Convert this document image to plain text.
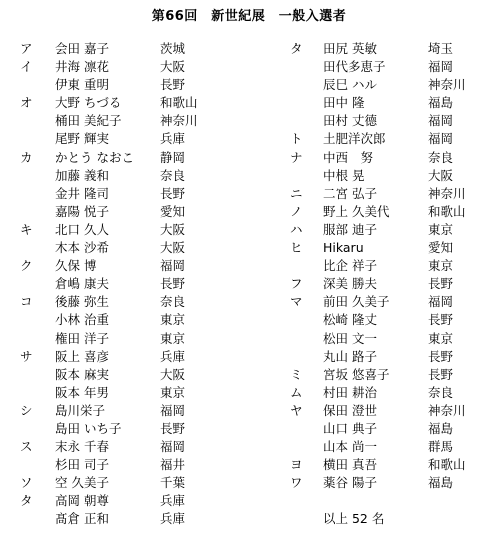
第66回　新世紀展　一般入選者
ア 会田 嘉子	茨城
イ 井海 凛花	大阪
伊東 重明	長野
オ 大野 ちづる	和歌山
桶田 美紀子	神奈川
尾野 輝実	兵庫
カ かとう なおこ 静岡
加藤 義和	奈良
金井 隆司	長野
嘉陽 悦子	愛知
キ 北口 久人	大阪
木本 沙希	大阪
ク 久保 博	福岡
倉嶋 康夫	長野
コ 後藤 弥生	奈良
小林 治重	東京
権田 洋子	東京
サ 阪上 喜彦	兵庫
阪本 麻実	大阪
阪本 年男	東京
シ 島川栄子	福岡
島田 いち子	長野
ス 末永 千春	福岡
杉田 司子	福井
ソ 空 久美子	千葉
タ 高岡 朝尊	兵庫
髙倉 正和	兵庫
タ 田尻 英敏	埼玉
田代多恵子	福岡
辰巳 ハル	神奈川
田中 隆	福島
田村 丈德	福岡
ト 土肥洋次郎	福岡
ナ 中西　努	奈良
中根 晃	大阪
ニ 二宮 弘子	神奈川
ノ 野上 久美代	和歌山
ハ 服部 迪子	東京
ヒ Hikaru	愛知
比企 祥子	東京
フ 深美 勝夫	長野
マ 前田 久美子	福岡
松崎 隆丈	長野
松田 文一	東京
丸山 路子	長野
ミ 宮坂 悠喜子	長野
ム 村田 耕治	奈良
ヤ 保田 澄世	神奈川
山口 典子	福島
山本 尚一	群馬
ヨ 横田 真吾	和歌山
ワ 薬谷 陽子	福島
以上 52 名
